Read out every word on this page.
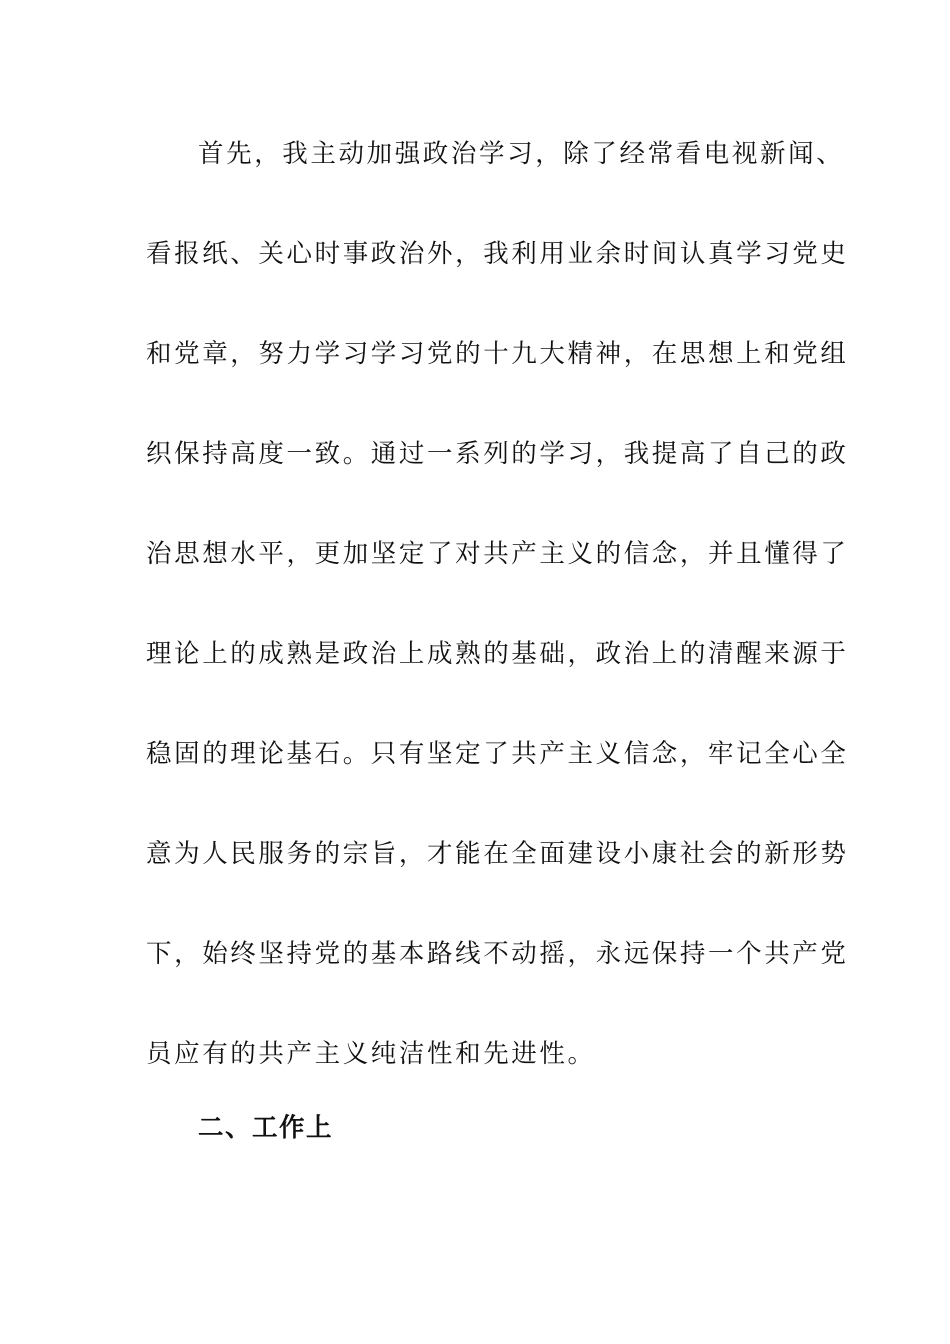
首先，我主动加强政治学习，除了经常看电视新闻、
看报纸、关心时事政治外，我利用业余时间认真学习党史
和党章，努力学习学习党的十九大精神，在思想上和党组
织保持高度一致。通过一系列的学习，我提高了自己的政
治思想水平，更加坚定了对共产主义的信念，并且懂得了
理论上的成熟是政治上成熟的基础，政治上的清醒来源于
稳固的理论基石。只有坚定了共产主义信念，牢记全心全
意为人民服务的宗旨，才能在全面建设小康社会的新形势
下，始终坚持党的基本路线不动摇，永远保持一个共产党
员应有的共产主义纯洁性和先进性。
二、工作上
